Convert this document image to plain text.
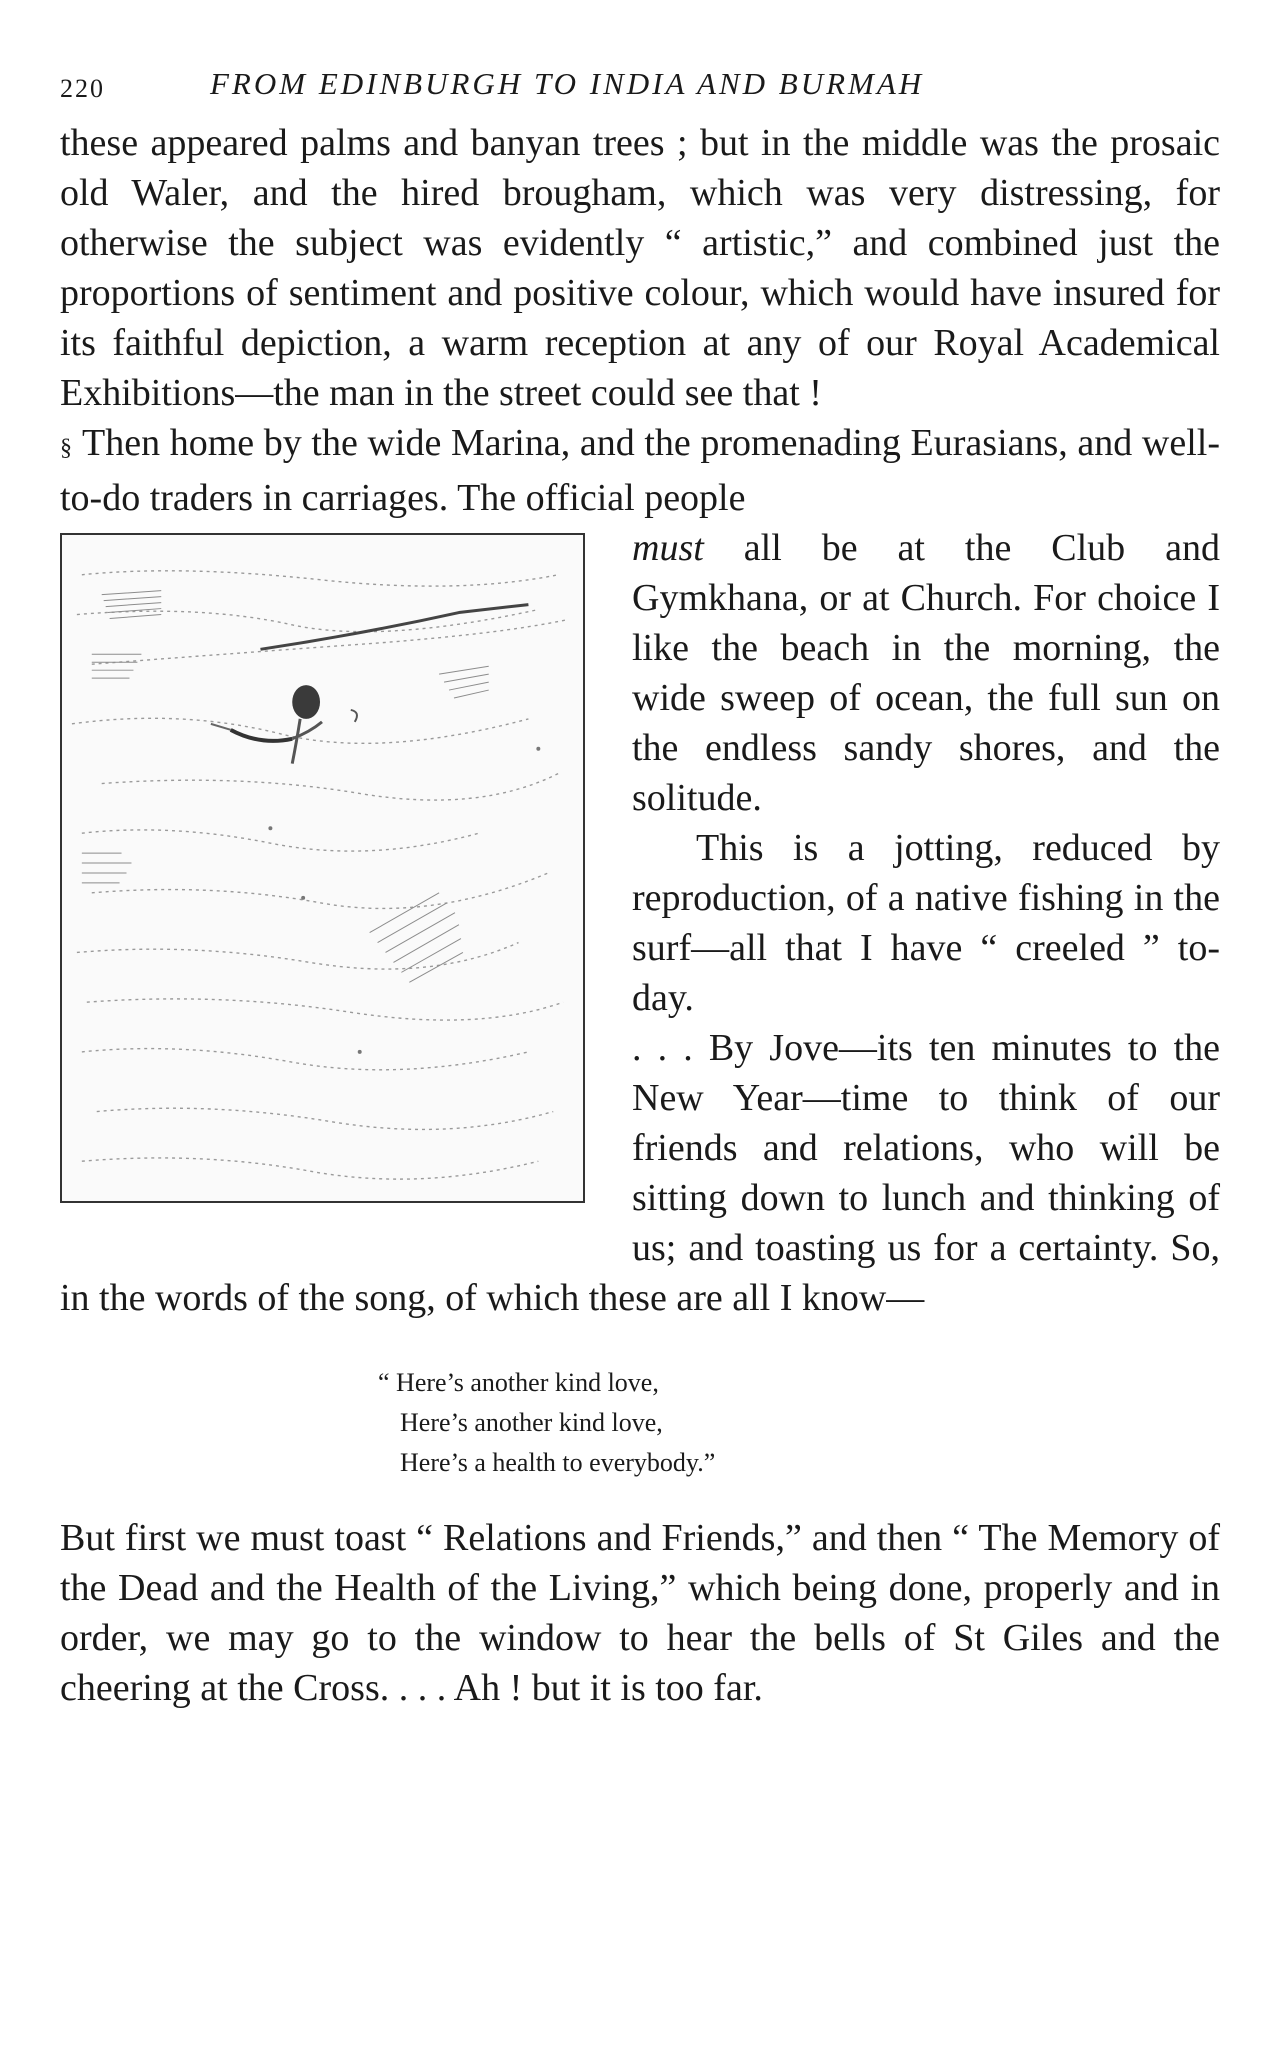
220	FROM EDINBURGH TO INDIA AND BURMAH

these appeared palms and banyan trees ; but in the middle was the prosaic old Waler, and the hired brougham, which was very distressing, for otherwise the subject was evidently “ artistic,” and combined just the proportions of sentiment and positive colour, which would have insured for its faithful depiction, a warm reception at any of our Royal Academical Exhibitions—the man in the street could see that !

§ Then home by the wide Marina, and the promenading Eurasians, and well-to-do traders in carriages. The official people

must all be at the Club and Gymkhana, or at Church. For choice I like the beach in the morning, the wide sweep of ocean, the full sun on the endless sandy shores, and the solitude.

This is a jotting, reduced by reproduction, of a native fishing in the surf—all that I have “ creeled ” to-day.

. . . By Jove—its ten minutes to the New Year—time to think of our friends and relations, who will be sitting down to lunch and thinking of us; and toasting us for a certainty. So, in the words of the song, of which these are all I know—

“ Here’s another kind love,
Here’s another kind love,
Here’s a health to everybody.”

But first we must toast “ Relations and Friends,” and then “ The Memory of the Dead and the Health of the Living,” which being done, properly and in order, we may go to the window to hear the bells of St Giles and the cheering at the Cross. . . . Ah ! but it is too far.
